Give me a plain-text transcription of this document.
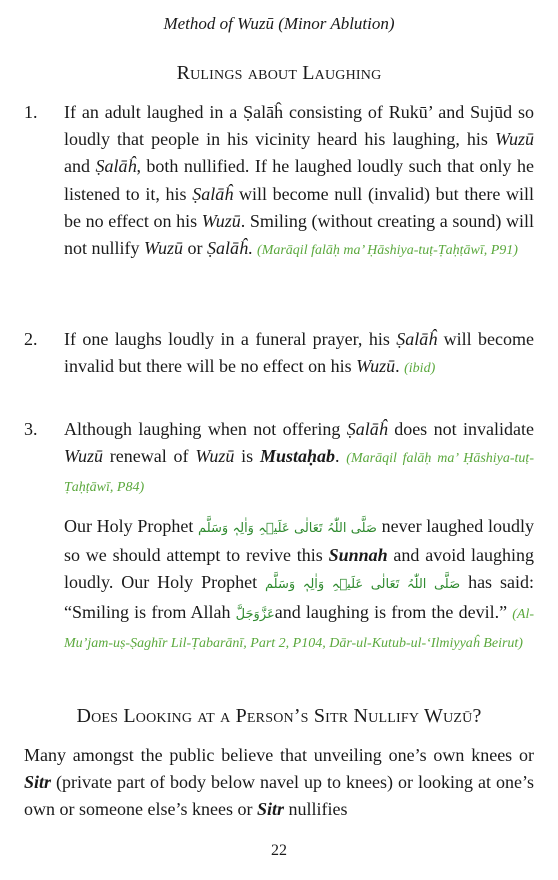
Method of Wuzū (Minor Ablution)
Rulings about Laughing
1.	If an adult laughed in a Ṣalāĥ consisting of Rukū’ and Sujūd so loudly that people in his vicinity heard his laughing, his Wuzū and Ṣalāĥ, both nullified. If he laughed loudly such that only he listened to it, his Ṣalāĥ will become null (invalid) but there will be no effect on his Wuzū. Smiling (without creating a sound) will not nullify Wuzū or Ṣalāĥ. (Marāqil falāḥ ma’ Ḥāshiya-tuṭ-Ṭaḥṭāwī, P91)
2.	If one laughs loudly in a funeral prayer, his Ṣalāĥ will become invalid but there will be no effect on his Wuzū. (ibid)
3.	Although laughing when not offering Ṣalāĥ does not invalidate Wuzū renewal of Wuzū is Mustaḥab. (Marāqil falāḥ ma’ Ḥāshiya-tuṭ-Ṭaḥṭāwī, P84)
Our Holy Prophet صَلَّی اللّٰہُ تَعَالٰی عَلَیۡہِ وَاٰلِہٖ وَسَلَّم never laughed loudly so we should attempt to revive this Sunnah and avoid laughing loudly. Our Holy Prophet صَلَّی اللّٰہُ تَعَالٰی عَلَیۡہِ وَاٰلِہٖ وَسَلَّم has said: “Smiling is from Allah عَزَّوَجَلَّand laughing is from the devil.” (Al-Mu’jam-uṣ-Ṣaghīr Lil-Ṭabarānī, Part 2, P104, Dār-ul-Kutub-ul-‘Ilmiyyaĥ Beirut)
Does Looking at a Person’s Sitr Nullify Wuzū?
Many amongst the public believe that unveiling one’s own knees or Sitr (private part of body below navel up to knees) or looking at one’s own or someone else’s knees or Sitr nullifies
22
